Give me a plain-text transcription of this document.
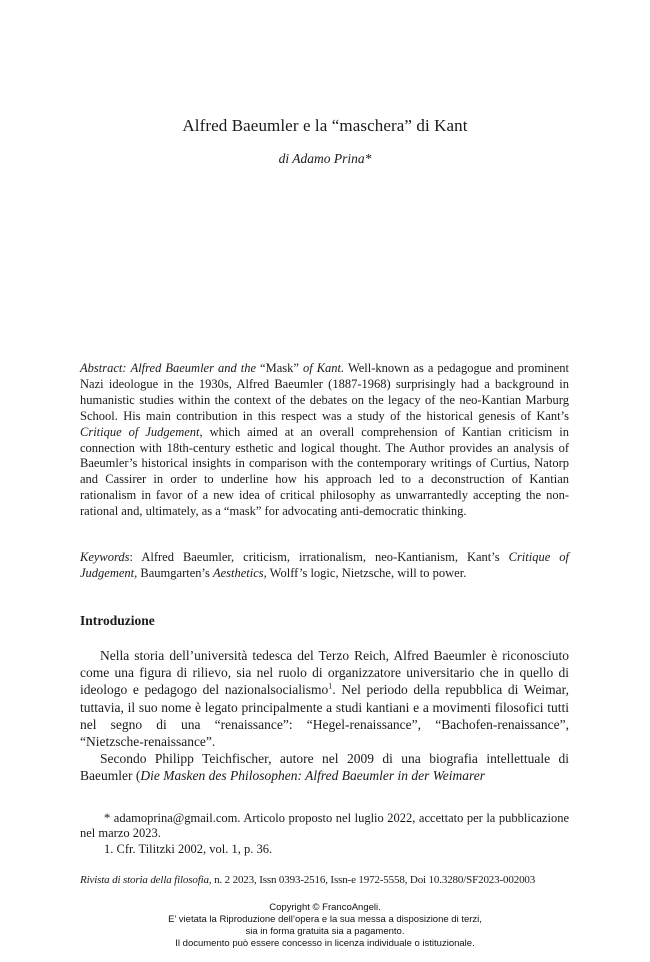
Alfred Baeumler e la “maschera” di Kant
di Adamo Prina*

Abstract: Alfred Baeumler and the “Mask” of Kant. Well-known as a pedagogue and prominent Nazi ideologue in the 1930s, Alfred Baeumler (1887-1968) surprisingly had a background in humanistic studies within the context of the debates on the legacy of the neo-Kantian Marburg School. His main contribution in this respect was a study of the historical genesis of Kant’s Critique of Judgement, which aimed at an overall comprehension of Kantian criticism in connection with 18th-century esthetic and logical thought. The Author provides an analysis of Baeumler’s historical insights in comparison with the contemporary writings of Curtius, Natorp and Cassirer in order to underline how his approach led to a deconstruction of Kantian rationalism in favor of a new idea of critical philosophy as unwarrantedly accepting the non-rational and, ultimately, as a “mask” for advocating anti-democratic thinking.

Keywords: Alfred Baeumler, criticism, irrationalism, neo-Kantianism, Kant’s Critique of Judgement, Baumgarten’s Aesthetics, Wolff’s logic, Nietzsche, will to power.

Introduzione

Nella storia dell’università tedesca del Terzo Reich, Alfred Baeumler è riconosciuto come una figura di rilievo, sia nel ruolo di organizzatore universitario che in quello di ideologo e pedagogo del nazionalsocialismo$^1$. Nel periodo della repubblica di Weimar, tuttavia, il suo nome è legato principalmente a studi kantiani e a movimenti filosofici tutti nel segno di una “renaissance”: “Hegel-renaissance”, “Bachofen-renaissance”, “Nietzsche-renaissance”.

Secondo Philipp Teichfischer, autore nel 2009 di una biografia intellettuale di Baeumler (Die Masken des Philosophen: Alfred Baeumler in der Weimarer

* adamoprina@gmail.com. Articolo proposto nel luglio 2022, accettato per la pubblicazione nel marzo 2023.

1. Cfr. Tilitzki 2002, vol. 1, p. 36.

Rivista di storia della filosofia, n. 2 2023, Issn 0393-2516, Issn-e 1972-5558, Doi 10.3280/SF2023-002003
Copyright © FrancoAngeli.
E’ vietata la Riproduzione dell’opera e la sua messa a disposizione di terzi,
sia in forma gratuita sia a pagamento.
Il documento può essere concesso in licenza individuale o istituzionale.
